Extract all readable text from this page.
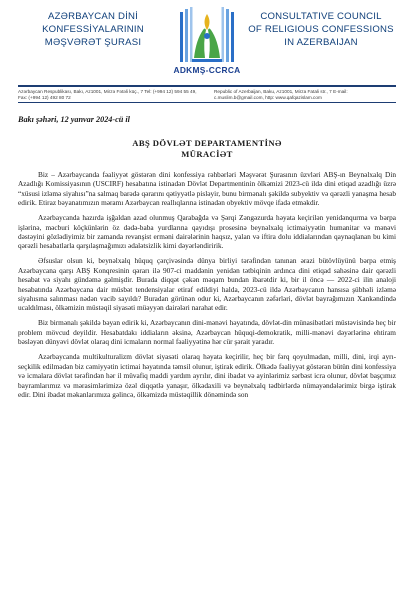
AZƏRBAYCAN DİNİ
KONFESSİYALARININ
MƏŞVƏRƏT ŞURASI
ADKMŞ-CCRCA
CONSULTATIVE COUNCIL
OF RELIGIOUS CONFESSIONS
IN AZERBAIJAN
Azərbaycan Respublikası, Bakı, Az1001, Mirzə Fətəli küç., 7 Tel: (+994 12) 594 55 49, Fax: (+994 12) 492 80 72
Republic of Azerbaijan, Baku, Az1001, Mirza Fatali str., 7 E-mail: c.muslim.b@gmail.com, http: www.qafqazislam.com

Bakı şəhəri, 12 yanvar 2024-cü il

ABŞ DÖVLƏT DEPARTAMENTİNƏ
MÜRACİƏT

Biz – Azərbaycanda fəaliyyət göstərən dini konfessiya rəhbərləri Məşvərət Şurasının üzvləri ABŞ-ın Beynəlxalq Din Azadlığı Komissiyasının (USCIRF) hesabatına istinadən Dövlət Departmentinin ölkəmizi 2023-cü ildə dini etiqad azadlığı üzrə “xüsusi izləmə siyahısı”na salmaq barədə qərarını qətiyyətlə pisləyir, bunu birmənalı şəkildə subyektiv və qərəzli yanaşma hesab edirik. Etiraz bəyanatımızın məramı Azərbaycan reallıqlarına istinadən obyektiv mövqe ifadə etməkdir.

Azərbaycanda hazırda işğaldan azad olunmuş Qarabağda və Şərqi Zəngəzurda həyata keçirilən yenidənqurma və bərpa işlərinə, məcburi köçkünlərin öz dədə-baba yurdlarına qayıdışı prosesinə beynəlxalq ictimaiyyətin humanitar və mənəvi dəstəyini gözlədiyimiz bir zamanda revanşist erməni dairələrinin haqsız, yalan və iftira dolu iddialarından qaynaqlanan bu kimi qərəzli hesabatlarla qarşılaşmağımızı ədalətsizlik kimi dəyərləndiririk.

Əfsuslar olsun ki, beynəlxalq hüquq çərçivəsində dünya birliyi tərəfindən tanınan ərazi bütövlüyünü bərpa etmiş Azərbaycana qarşı ABŞ Konqresinin qərarı ilə 907-ci maddənin yenidən tətbiqinin ardınca dini etiqad sahəsinə dair qərəzli hesabat və siyahı gündəmə gəlmişdir. Burada diqqət çəkən məqam bundan ibarətdir ki, bir il öncə — 2022-ci ilin analoji hesabatında Azərbaycana dair müsbət tendensiyalar etiraf edildiyi halda, 2023-cü ildə Azərbaycanın hansısa şübhəli izləmə siyahısına salınması nədən vacib sayıldı? Buradan görünən odur ki, Azərbaycanın zəfərləri, dövlət bayrağımızın Xankəndində ucaldılması, ölkəmizin müstəqil siyasəti müəyyən dairələri narahat edir.

Biz birmənalı şəkildə bəyan edirik ki, Azərbaycanın dini-mənəvi həyatında, dövlət-din münasibətləri müstəvisində heç bir problem mövcud deyildir. Hesabatdakı iddiaların əksinə, Azərbaycan hüquqi-demokratik, milli-mənəvi dəyərlərinə ehtiram bəsləyən dünyəvi dövlət olaraq dini icmaların normal fəaliyyətinə hər cür şərait yaradır.

Azərbaycanda multikulturalizm dövlət siyasəti olaraq həyata keçirilir, heç bir fərq qoyulmadan, milli, dini, irqi ayrı-seçkilik edilmədən biz cəmiyyətin ictimai həyatında təmsil olunur, iştirak edirik. Ölkədə fəaliyyət göstərən bütün dini konfessiya və icmalara dövlət tərəfindən hər il müvafiq maddi yardım ayrılır, dini ibadət və ayinlərimiz sərbəst icra olunur, dövlət başçımız bayramlarımız və mərasimlərimizə özəl diqqətlə yanaşır, ölkədaxili və beynəlxalq tədbirlərdə nümayəndələrimiz birgə iştirak edir. Dini ibadət məkanlarımıza gəlincə, ölkəmizdə müstəqillik dönəmində son
